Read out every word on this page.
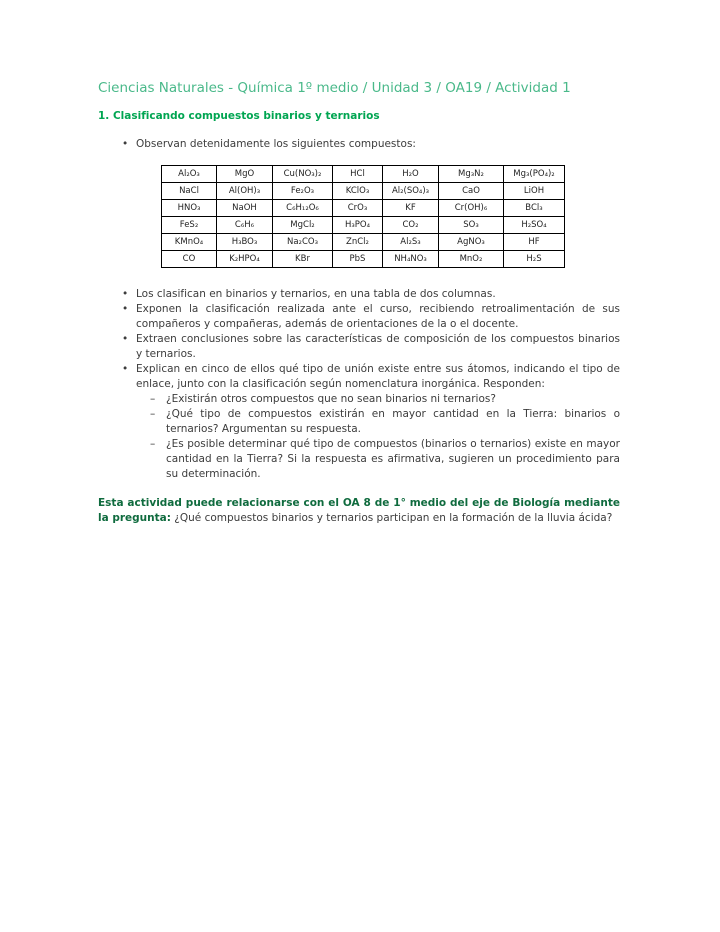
Ciencias Naturales - Química 1º medio / Unidad 3 / OA19 / Actividad 1

1. Clasificando compuestos binarios y ternarios

• Observan detenidamente los siguientes compuestos:
Al₂O₃	MgO	Cu(NO₃)₂	HCl	H₂O	Mg₃N₂	Mg₃(PO₄)₂
NaCl	Al(OH)₃	Fe₂O₃	KClO₃	Al₂(SO₄)₃	CaO	LiOH
HNO₃	NaOH	C₆H₁₂O₆	CrO₃	KF	Cr(OH)₆	BCl₃
FeS₂	C₆H₆	MgCl₂	H₃PO₄	CO₂	SO₃	H₂SO₄
KMnO₄	H₃BO₃	Na₂CO₃	ZnCl₂	Al₂S₃	AgNO₃	HF
CO	K₂HPO₄	KBr	PbS	NH₄NO₃	MnO₂	H₂S
• Los clasifican en binarios y ternarios, en una tabla de dos columnas.
• Exponen la clasificación realizada ante el curso, recibiendo retroalimentación de sus compañeros y compañeras, además de orientaciones de la o el docente.
• Extraen conclusiones sobre las características de composición de los compuestos binarios y ternarios.
• Explican en cinco de ellos qué tipo de unión existe entre sus átomos, indicando el tipo de enlace, junto con la clasificación según nomenclatura inorgánica. Responden:
– ¿Existirán otros compuestos que no sean binarios ni ternarios?
– ¿Qué tipo de compuestos existirán en mayor cantidad en la Tierra: binarios o ternarios? Argumentan su respuesta.
– ¿Es posible determinar qué tipo de compuestos (binarios o ternarios) existe en mayor cantidad en la Tierra? Si la respuesta es afirmativa, sugieren un procedimiento para su determinación.

Esta actividad puede relacionarse con el OA 8 de 1° medio del eje de Biología mediante la pregunta: ¿Qué compuestos binarios y ternarios participan en la formación de la lluvia ácida?
